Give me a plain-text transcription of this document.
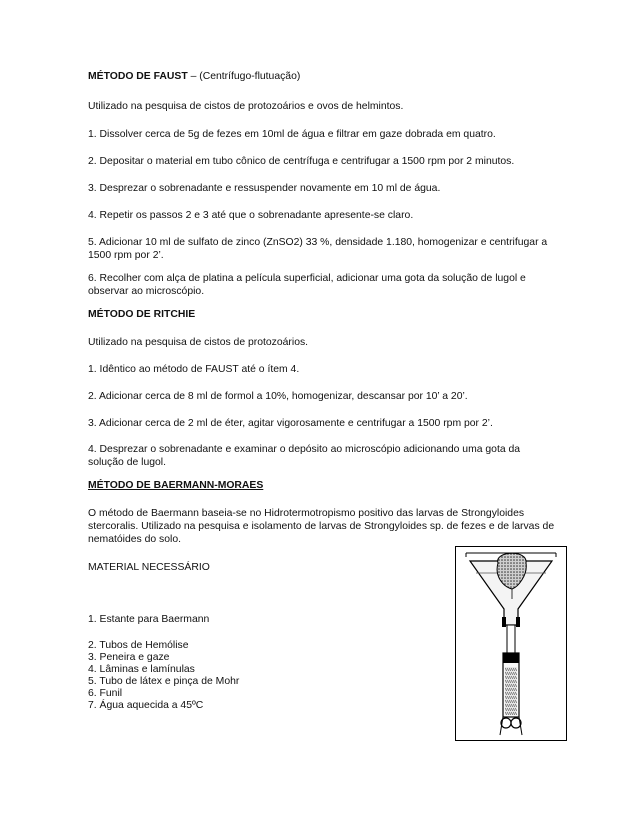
MÉTODO DE FAUST – (Centrífugo-flutuação)

Utilizado na pesquisa de cistos de protozoários e ovos de helmintos.

1. Dissolver cerca de 5g de fezes em 10ml de água e filtrar em gaze dobrada em quatro.

2. Depositar o material em tubo cônico de centrífuga e centrifugar a 1500 rpm por 2 minutos.

3. Desprezar o sobrenadante e ressuspender novamente em 10 ml de água.

4. Repetir os passos 2 e 3 até que o sobrenadante apresente-se claro.

5. Adicionar 10 ml de sulfato de zinco (ZnSO2) 33 %, densidade 1.180, homogenizar e centrifugar a 1500 rpm por 2’.

6. Recolher com alça de platina a película superficial, adicionar uma gota da solução de lugol e observar ao microscópio.

MÉTODO DE RITCHIE

Utilizado na pesquisa de cistos de protozoários.

1. Idêntico ao método de FAUST até o ítem 4.

2. Adicionar cerca de 8 ml de formol a 10%, homogenizar, descansar por 10’ a 20’.

3. Adicionar cerca de 2 ml de éter, agitar vigorosamente e centrifugar a 1500 rpm por 2’.

4. Desprezar o sobrenadante e examinar o depósito ao microscópio adicionando uma gota da solução de lugol.

MÉTODO DE BAERMANN-MORAES

O método de Baermann baseia-se no Hidrotermotropismo positivo das larvas de Strongyloides stercoralis. Utilizado na pesquisa e isolamento de larvas de Strongyloides sp. de fezes e de larvas de nematóides do solo.

MATERIAL NECESSÁRIO

1. Estante para Baermann

2. Tubos de Hemólise
3. Peneira e gaze
4. Lâminas e lamínulas
5. Tubo de látex e pinça de Mohr
6. Funil
7. Água aquecida a 45ºC
